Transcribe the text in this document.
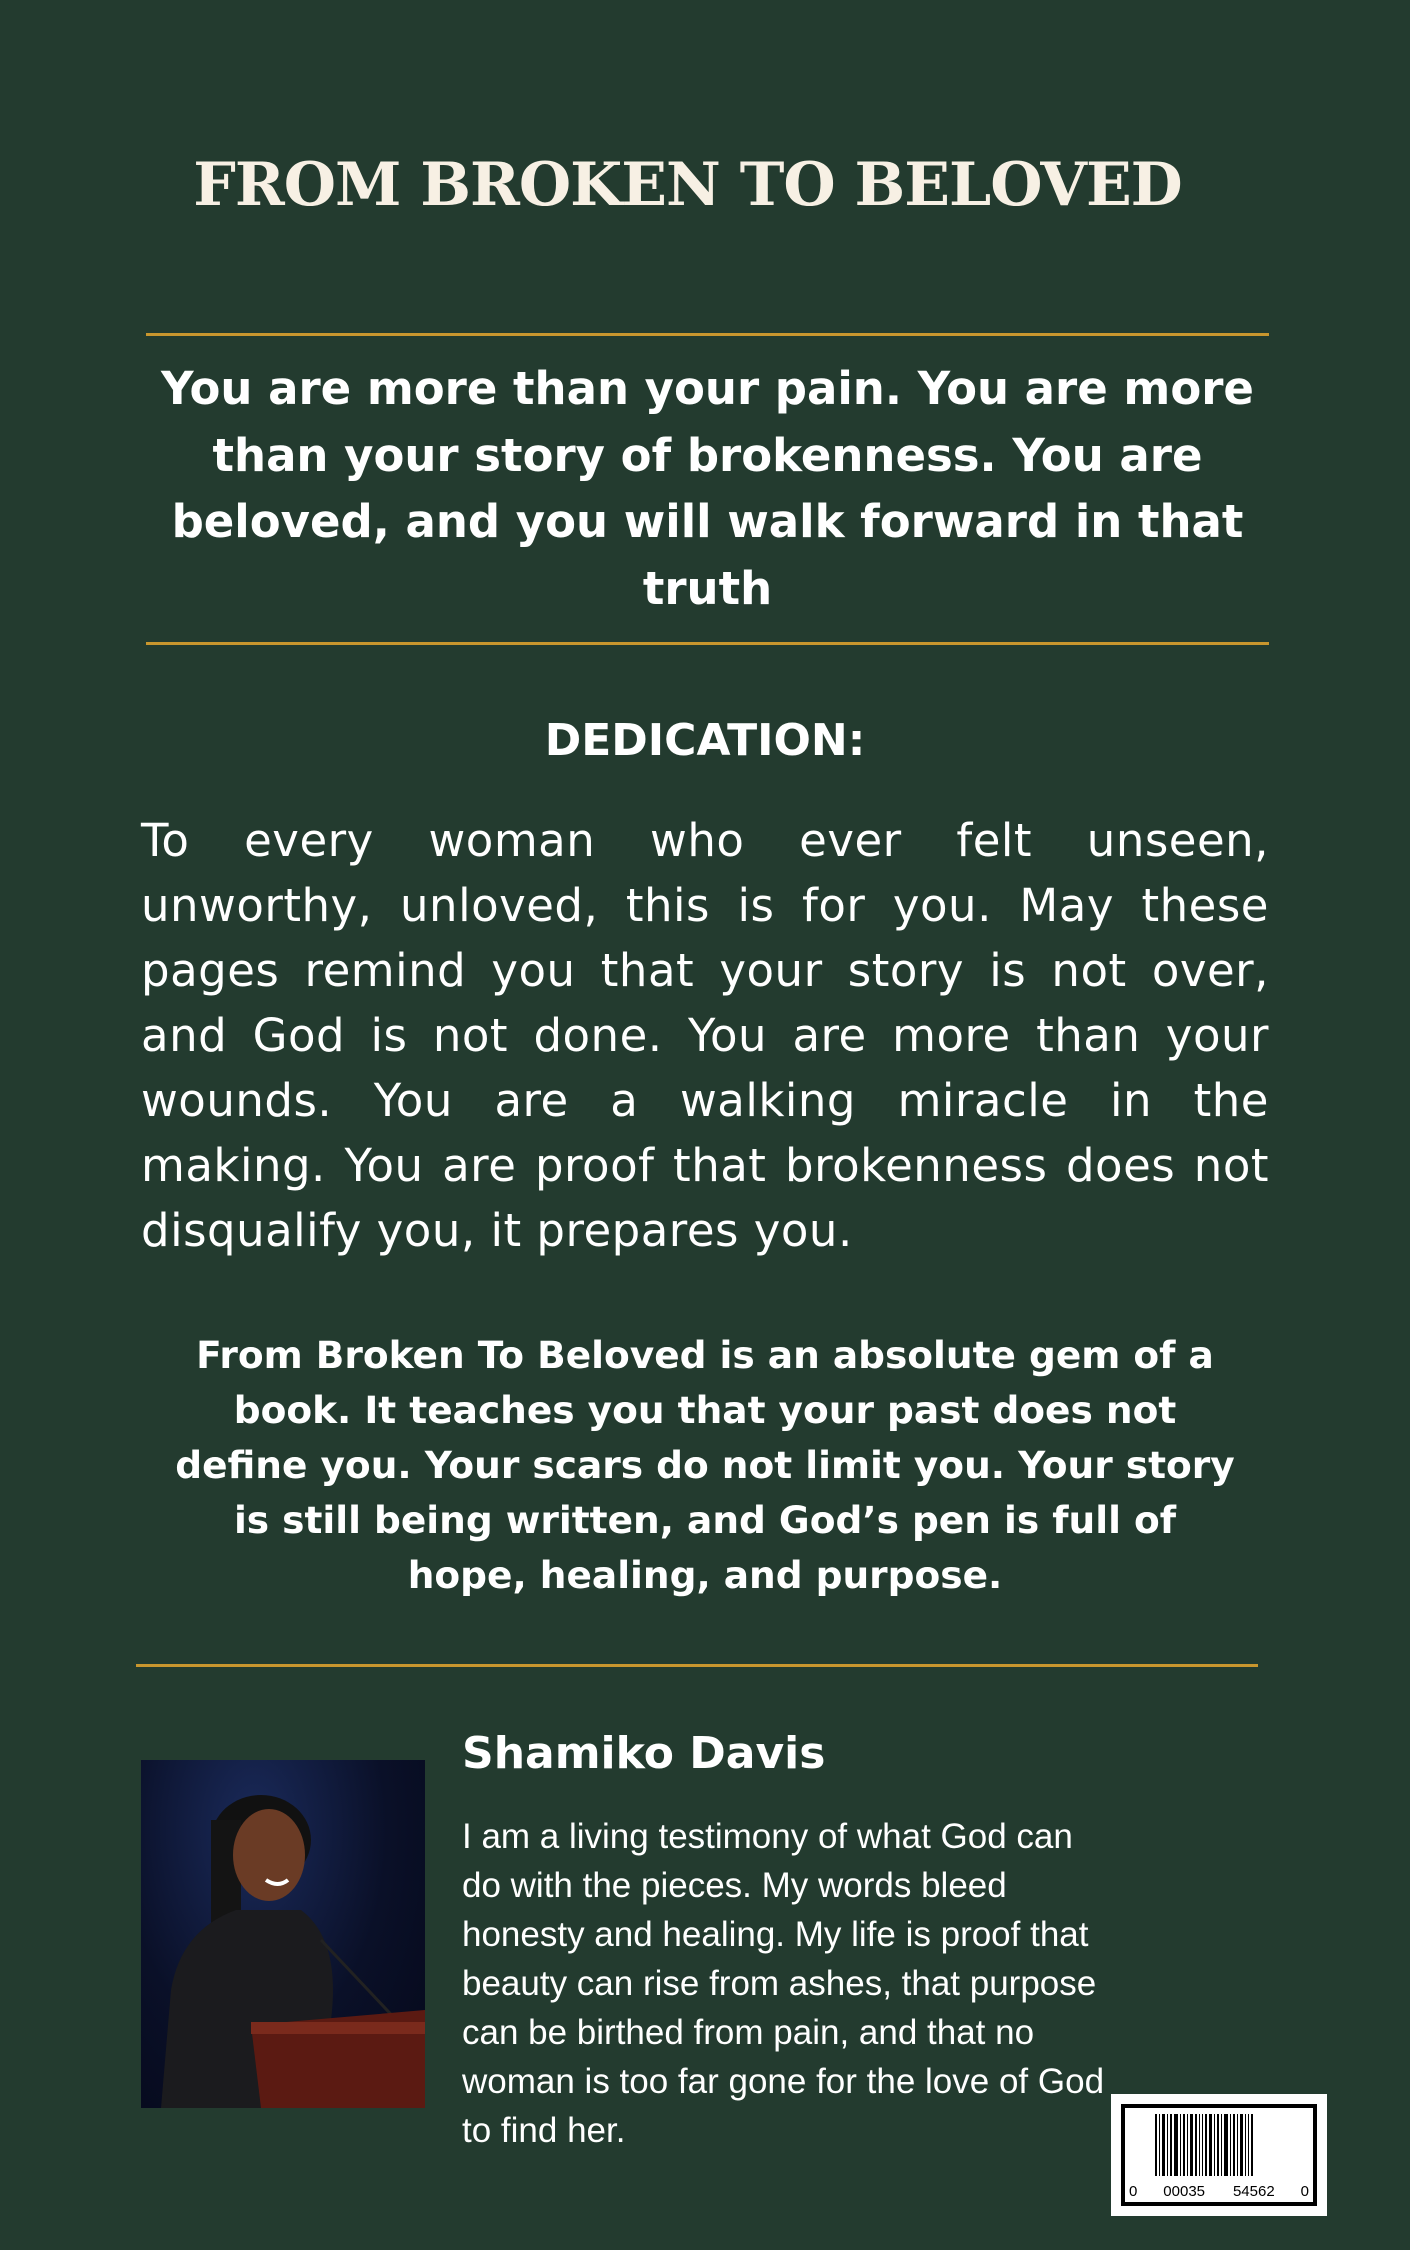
FROM BROKEN TO BELOVED
You are more than your pain. You are more than your story of brokenness. You are beloved, and you will walk forward in that truth
DEDICATION:
To every woman who ever felt unseen, unworthy, unloved, this is for you. May these pages remind you that your story is not over, and God is not done. You are more than your wounds. You are a walking miracle in the making. You are proof that brokenness does not disqualify you, it prepares you.
From Broken To Beloved is an absolute gem of a book. It teaches you that your past does not define you. Your scars do not limit you. Your story is still being written, and God’s pen is full of hope, healing, and purpose.
Shamiko Davis
I am a living testimony of what God can do with the pieces. My words bleed honesty and healing. My life is proof that beauty can rise from ashes, that purpose can be birthed from pain, and that no woman is too far gone for the love of God to find her.
0 00035 54562 0
